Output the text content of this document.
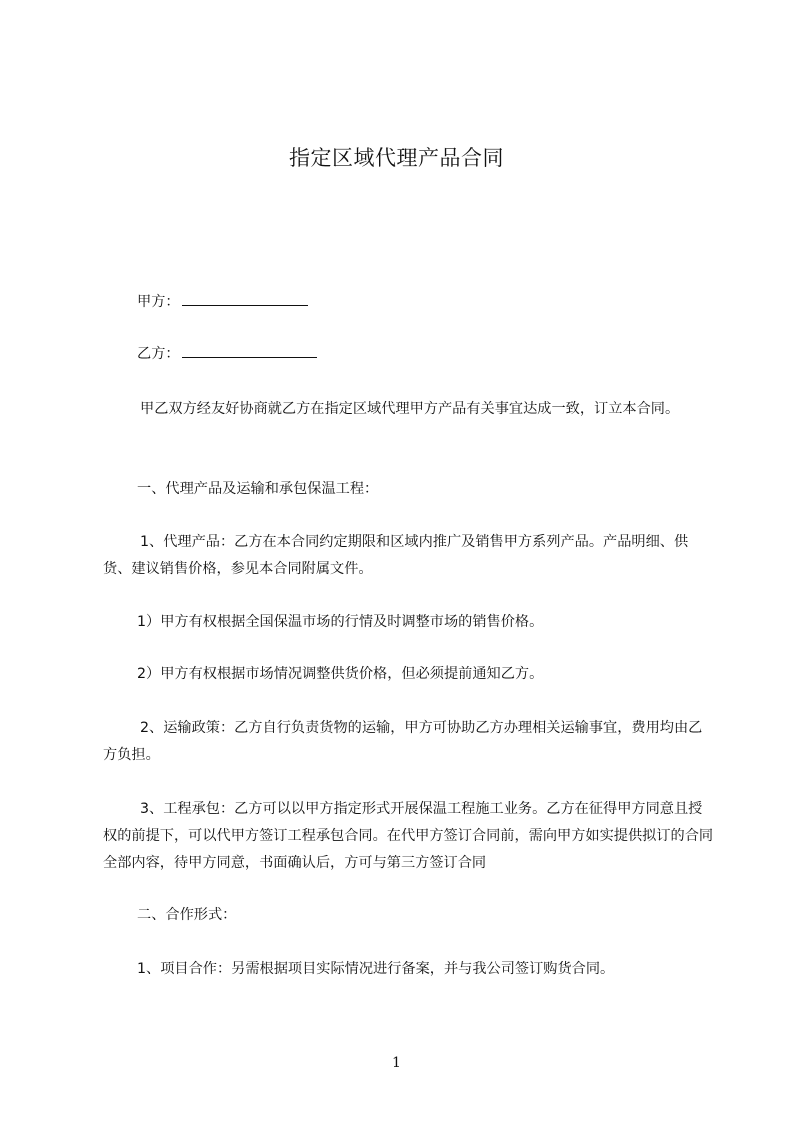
指定区域代理产品合同
甲方：
乙方：
甲乙双方经友好协商就乙方在指定区域代理甲方产品有关事宜达成一致，订立本合同。
一、代理产品及运输和承包保温工程：
1、代理产品：乙方在本合同约定期限和区域内推广及销售甲方系列产品。产品明细、供货、建议销售价格，参见本合同附属文件。
1）甲方有权根据全国保温市场的行情及时调整市场的销售价格。
2）甲方有权根据市场情况调整供货价格，但必须提前通知乙方。
2、运输政策：乙方自行负责货物的运输，甲方可协助乙方办理相关运输事宜，费用均由乙方负担。
3、工程承包：乙方可以以甲方指定形式开展保温工程施工业务。乙方在征得甲方同意且授权的前提下，可以代甲方签订工程承包合同。在代甲方签订合同前，需向甲方如实提供拟订的合同全部内容，待甲方同意，书面确认后，方可与第三方签订合同
二、合作形式：
1、项目合作：另需根据项目实际情况进行备案，并与我公司签订购货合同。
1
